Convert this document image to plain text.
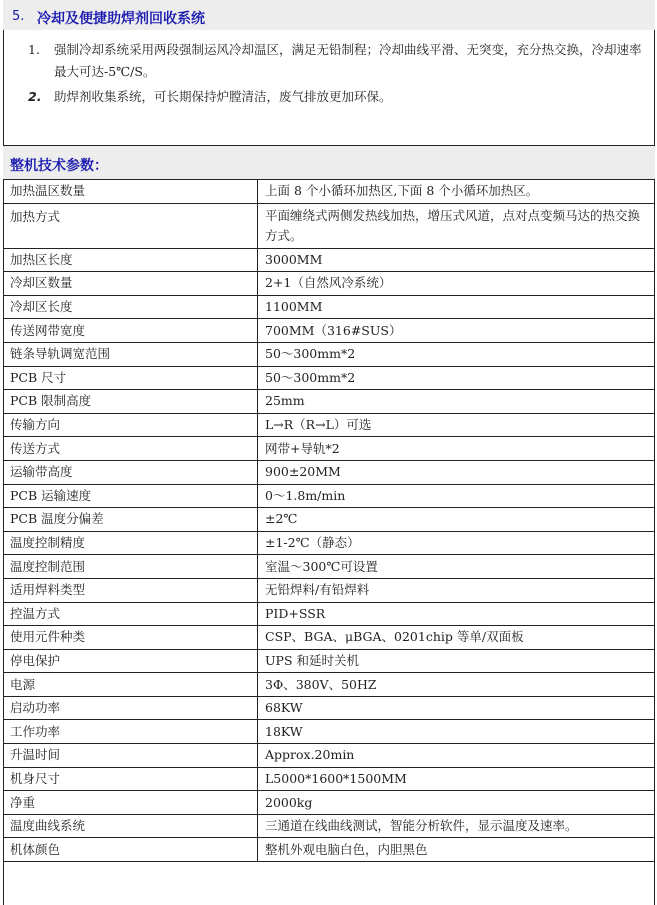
5. 冷却及便捷助焊剂回收系统
1. 强制冷却系统采用两段强制运风冷却温区，满足无铅制程；冷却曲线平滑、无突变，充分热交换，冷却速率最大可达-5℃/S。
2. 助焊剂收集系统，可长期保持炉膛清洁，废气排放更加环保。
整机技术参数：
加热温区数量	上面 8 个小循环加热区,下面 8 个小循环加热区。
加热方式	平面缠绕式两侧发热线加热，增压式风道，点对点变频马达的热交换方式。
加热区长度	3000MM
冷却区数量	2+1（自然风冷系统）
冷却区长度	1100MM
传送网带宽度	700MM（316#SUS）
链条导轨调宽范围	50～300mm*2
PCB 尺寸	50～300mm*2
PCB 限制高度	25mm
传输方向	L→R（R→L）可选
传送方式	网带+导轨*2
运输带高度	900±20MM
PCB 运输速度	0～1.8m/min
PCB 温度分偏差	±2℃
温度控制精度	±1-2℃（静态）
温度控制范围	室温～300℃可设置
适用焊料类型	无铅焊料/有铅焊料
控温方式	PID+SSR
使用元件种类	CSP、BGA、μBGA、0201chip 等单/双面板
停电保护	UPS 和延时关机
电源	3Φ、380V、50HZ
启动功率	68KW
工作功率	18KW
升温时间	Approx.20min
机身尺寸	L5000*1600*1500MM
净重	2000kg
温度曲线系统	三通道在线曲线测试，智能分析软件，显示温度及速率。
机体颜色	整机外观电脑白色，内胆黑色
